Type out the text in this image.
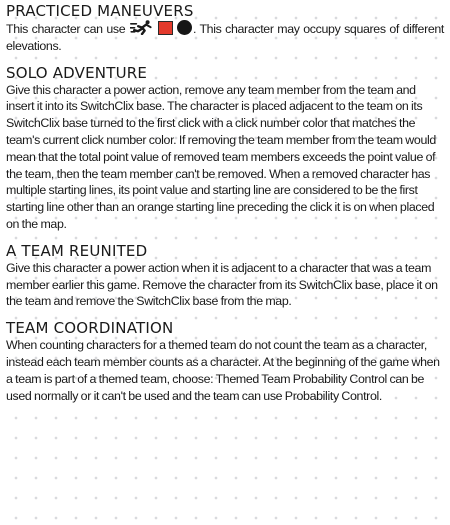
PRACTICED MANEUVERS

This character can use	. This character may occupy squares of different elevations.

SOLO ADVENTURE

Give this character a power action, remove any team member from the team and insert it into its SwitchClix base. The character is placed adjacent to the team on its SwitchClix base turned to the first click with a click number color that matches the team's current click number color. If removing the team member from the team would mean that the total point value of removed team members exceeds the point value of the team, then the team member can't be removed. When a removed character has multiple starting lines, its point value and starting line are considered to be the first starting line other than an orange starting line preceding the click it is on when placed on the map.

A TEAM REUNITED

Give this character a power action when it is adjacent to a character that was a team member earlier this game. Remove the character from its SwitchClix base, place it on the team and remove the SwitchClix base from the map.

TEAM COORDINATION

When counting characters for a themed team do not count the team as a character, instead each team member counts as a character. At the beginning of the game when a team is part of a themed team, choose: Themed Team Probability Control can be used normally or it can't be used and the team can use Probability Control.
